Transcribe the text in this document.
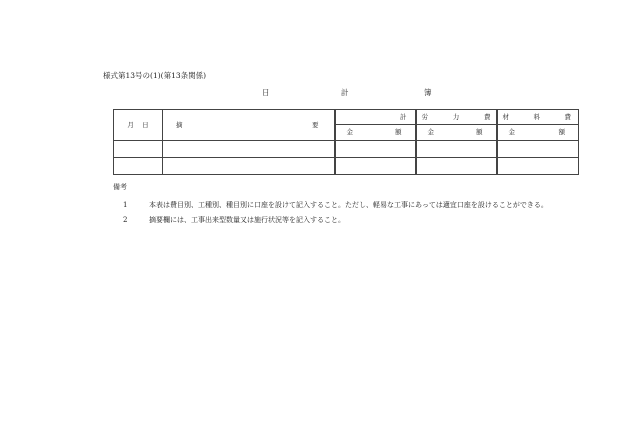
様式第13号の(1)(第13条関係)
日	計	簿
月 日	摘 要	計	労 力 費	材 料 費

		金 額	金 額	金 額

備考
1	本表は費目別、工種別、種目別に口座を設けて記入すること。ただし、軽易な工事にあっては適宜口座を設けることができる。
2	摘要欄には、工事出来型数量又は施行状況等を記入すること。
